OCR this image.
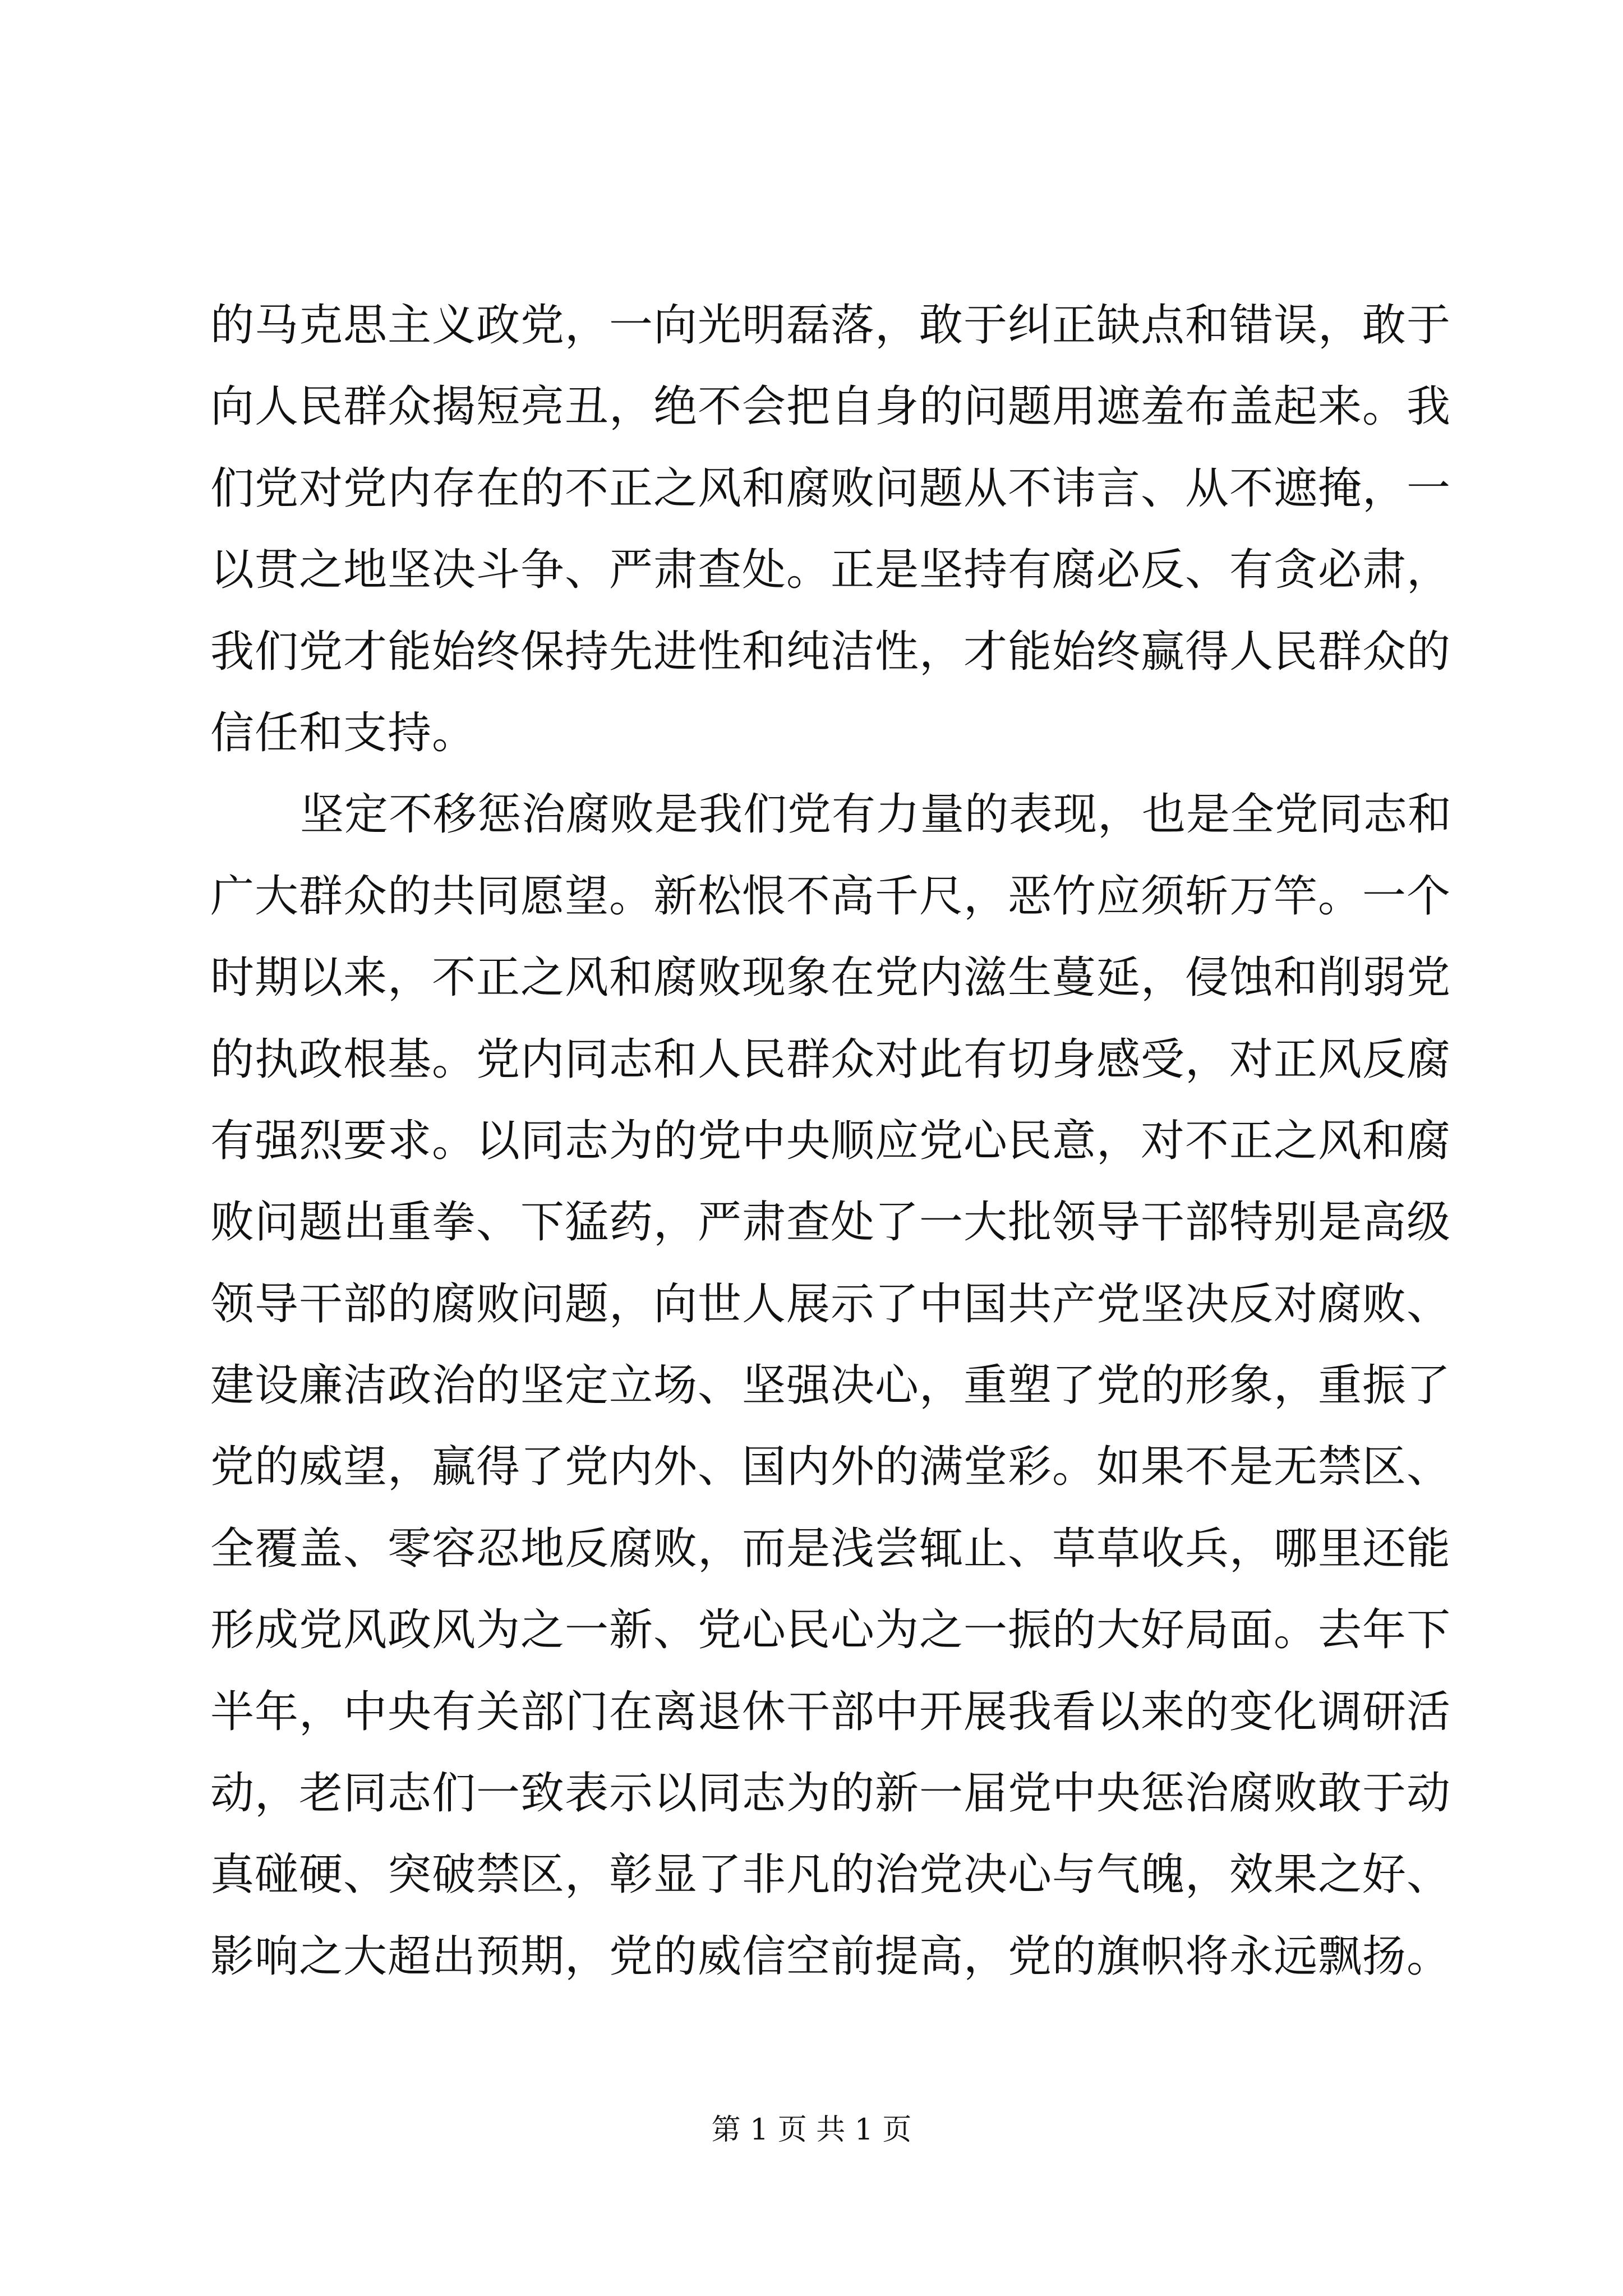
的马克思主义政党，一向光明磊落，敢于纠正缺点和错误，敢于
向人民群众揭短亮丑，绝不会把自身的问题用遮羞布盖起来。我
们党对党内存在的不正之风和腐败问题从不讳言、从不遮掩，一
以贯之地坚决斗争、严肃查处。正是坚持有腐必反、有贪必肃，
我们党才能始终保持先进性和纯洁性，才能始终赢得人民群众的
信任和支持。
坚定不移惩治腐败是我们党有力量的表现，也是全党同志和
广大群众的共同愿望。新松恨不高千尺，恶竹应须斩万竿。一个
时期以来，不正之风和腐败现象在党内滋生蔓延，侵蚀和削弱党
的执政根基。党内同志和人民群众对此有切身感受，对正风反腐
有强烈要求。以同志为的党中央顺应党心民意，对不正之风和腐
败问题出重拳、下猛药，严肃查处了一大批领导干部特别是高级
领导干部的腐败问题，向世人展示了中国共产党坚决反对腐败、
建设廉洁政治的坚定立场、坚强决心，重塑了党的形象，重振了
党的威望，赢得了党内外、国内外的满堂彩。如果不是无禁区、
全覆盖、零容忍地反腐败，而是浅尝辄止、草草收兵，哪里还能
形成党风政风为之一新、党心民心为之一振的大好局面。去年下
半年，中央有关部门在离退休干部中开展我看以来的变化调研活
动，老同志们一致表示以同志为的新一届党中央惩治腐败敢于动
真碰硬、突破禁区，彰显了非凡的治党决心与气魄，效果之好、
影响之大超出预期，党的威信空前提高，党的旗帜将永远飘扬。
第 1 页 共 1 页
